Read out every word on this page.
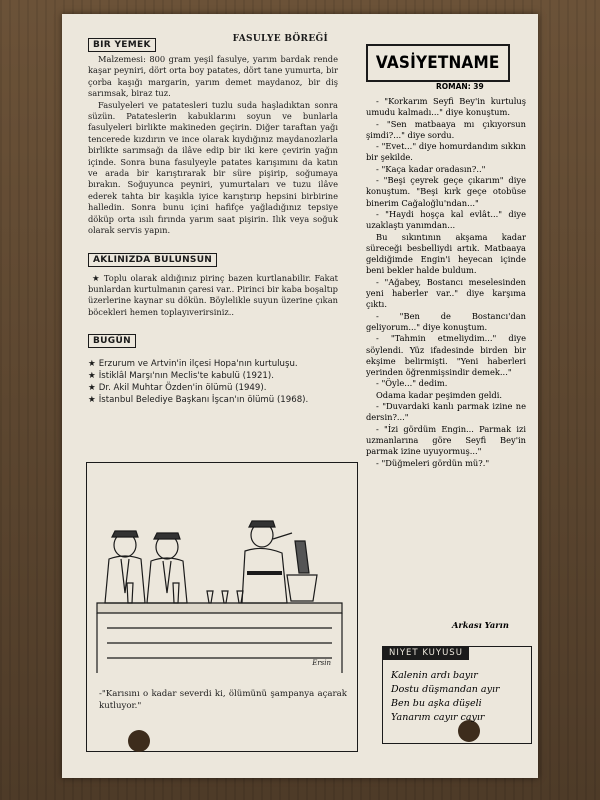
BIR YEMEK
FASULYE BÖREĞİ

Malzemesi: 800 gram yeşil fasulye, yarım bardak rende kaşar peyniri, dört orta boy patates, dört tane yumurta, bir çorba kaşığı margarin, yarım demet maydanoz, bir diş sarımsak, biraz tuz.

Fasulyeleri ve patatesleri tuzlu suda haşladıktan sonra süzün. Patateslerin kabuklarını soyun ve bunlarla fasulyeleri birlikte makineden geçirin. Diğer taraftan yağı tencerede kızdırın ve ince olarak kıydığınız maydanozlarla birlikte sarımsağı da ilâve edip bir iki kere çevirin yağın içinde. Sonra buna fasulyeyle patates karışımını da katın ve arada bir karıştırarak bir süre pişirip, soğumaya bırakın. Soğuyunca peyniri, yumurtaları ve tuzu ilâve ederek tahta bir kaşıkla iyice karıştırıp hepsini birbirine halledin. Sonra bunu içini hafifçe yağladığınız tepsiye döküp orta ısılı fırında yarım saat pişirin. Ilık veya soğuk olarak servis yapın.

AKLINIZDA BULUNSUN

★ Toplu olarak aldığınız pirinç bazen kurtlanabilir. Fakat bunlardan kurtulmanın çaresi var.. Pirinci bir kaba boşaltıp üzerlerine kaynar su dökün. Böylelikle suyun üzerine çıkan böcekleri hemen toplayıverirsiniz..

BUGÜN
★ Erzurum ve Artvin'in ilçesi Hopa'nın kurtuluşu.
★ İstiklâl Marşı'nın Meclis'te kabulü (1921).
★ Dr. Akil Muhtar Özden'in ölümü (1949).
★ İstanbul Belediye Başkanı İşcan'ın ölümü (1968).
Ersin
-"Karısını o kadar severdi ki, ölümünü şampanya açarak kutluyor."
VASİYETNAME
ROMAN: 39

- "Korkarım Seyfi Bey'in kurtuluş umudu kalmadı..." diye konuştum.

- "Sen matbaaya mı çıkıyorsun şimdi?..." diye sordu.

- "Evet..." diye homurdandım sıkkın bir şekilde.

- "Kaça kadar oradasın?.."

- "Beşi çeyrek geçe çıkarım" diye konuştum. "Beşi kırk geçe otobüse binerim Cağaloğlu'ndan..."

- "Haydi hoşça kal evlât..." diye uzaklaştı yanımdan...

Bu sıkıntının akşama kadar süreceği besbelliydi artık. Matbaaya geldiğimde Engin'i heyecan içinde beni bekler halde buldum.

- "Ağabey, Bostancı meselesinden yeni haberler var.." diye karşıma çıktı.

- "Ben de Bostancı'dan geliyorum..." diye konuştum.

- "Tahmin etmeliydim..." diye söylendi. Yüz ifadesinde birden bir ekşime belirmişti. "Yeni haberleri yerinden öğrenmişsindir demek..."

- "Öyle..." dedim.

Odama kadar peşimden geldi.

- "Duvardaki kanlı parmak izine ne dersin?..."

- "İzi gördüm Engin... Parmak izi uzmanlarına göre Seyfi Bey'in parmak izine uyuyormuş..."

- "Düğmeleri gördün mü?."

Arkası Yarın
NIYET KUYUSU
Kalenin ardı bayır
Dostu düşmandan ayır
Ben bu aşka düşeli
Yanarım cayır cayır
